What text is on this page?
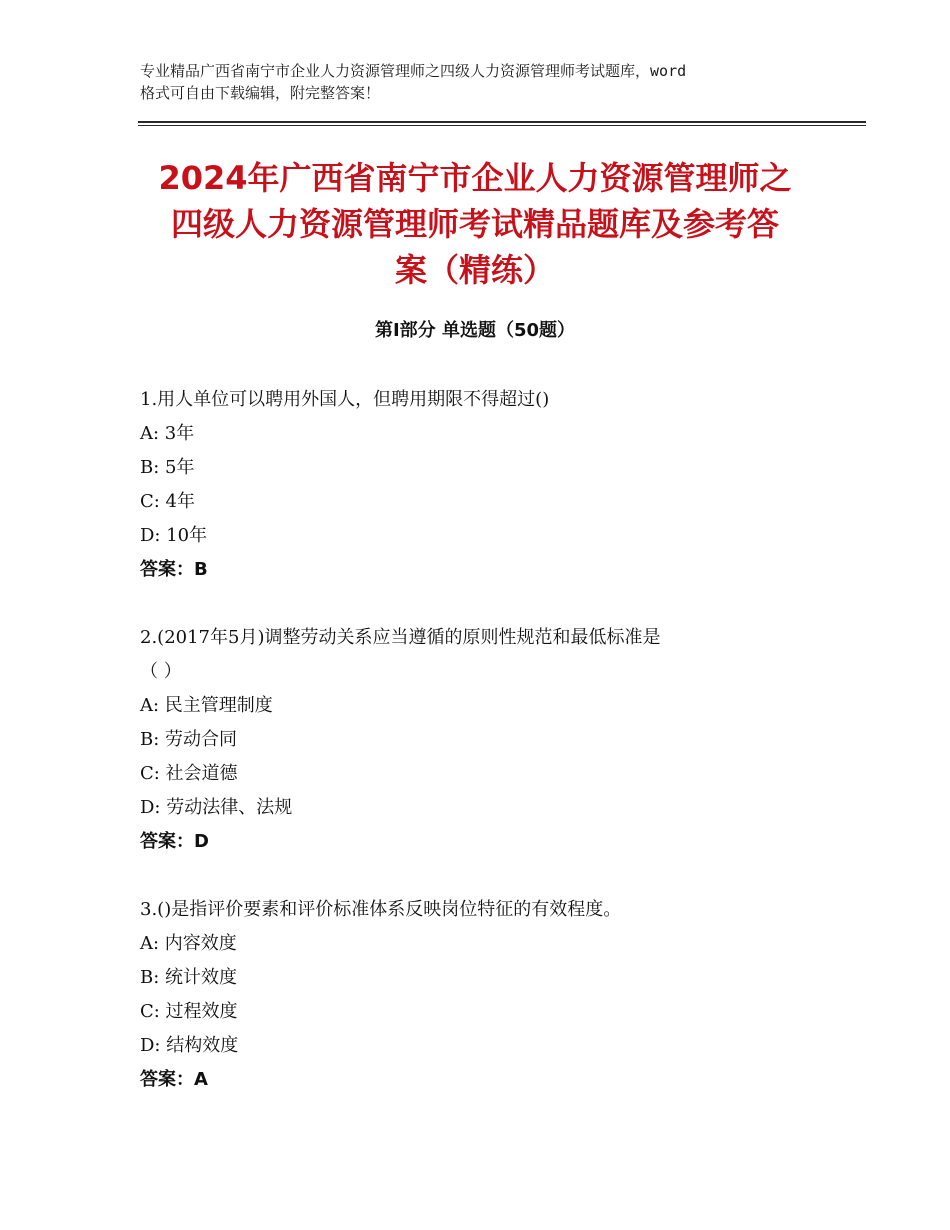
专业精品广西省南宁市企业人力资源管理师之四级人力资源管理师考试题库，word
格式可自由下载编辑，附完整答案！
2024年广西省南宁市企业人力资源管理师之
四级人力资源管理师考试精品题库及参考答
案（精练）
第Ⅰ部分 单选题（50题）
1.用人单位可以聘用外国人，但聘用期限不得超过()
A: 3年
B: 5年
C: 4年
D: 10年
答案：B
2.(2017年5月)调整劳动关系应当遵循的原则性规范和最低标准是
（ ）
A: 民主管理制度
B: 劳动合同
C: 社会道德
D: 劳动法律、法规
答案：D
3.()是指评价要素和评价标准体系反映岗位特征的有效程度。
A: 内容效度
B: 统计效度
C: 过程效度
D: 结构效度
答案：A
